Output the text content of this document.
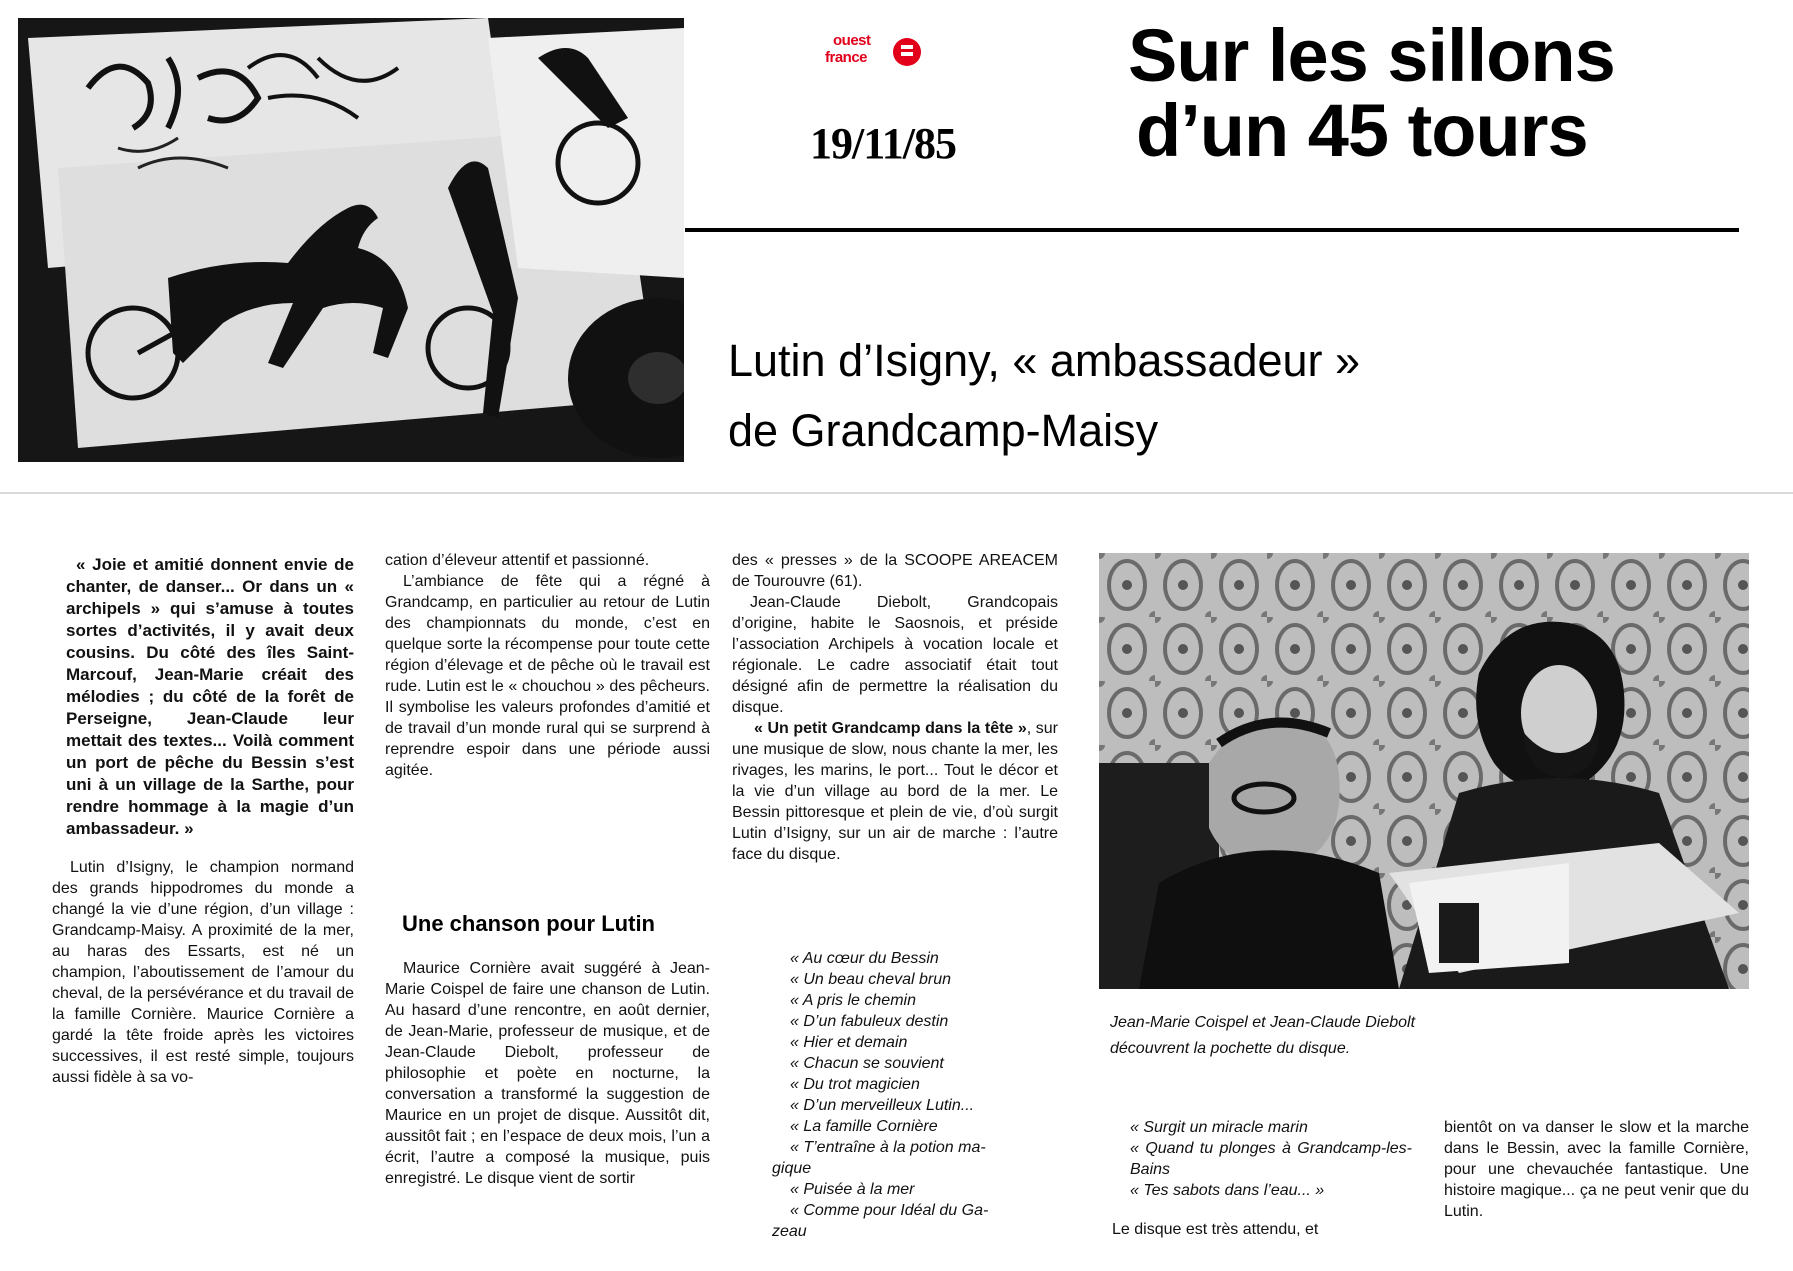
ouest
france
19/11/85
Sur les sillons
d’un 45 tours
Lutin d’Isigny, « ambassadeur »
de Grandcamp-Maisy

« Joie et amitié donnent envie de chanter, de danser... Or dans un « archipels » qui s’amuse à toutes sortes d’activités, il y avait deux cousins. Du côté des îles Saint-Marcouf, Jean-Marie créait des mélodies ; du côté de la forêt de Perseigne, Jean-Claude leur mettait des textes... Voilà comment un port de pêche du Bessin s’est uni à un village de la Sarthe, pour rendre hommage à la magie d’un ambassadeur. »

Lutin d’Isigny, le champion normand des grands hippodromes du monde a changé la vie d’une région, d’un village : Grandcamp-Maisy. A proximité de la mer, au haras des Essarts, est né un champion, l’aboutissement de l’amour du cheval, de la persévérance et du travail de la famille Cornière. Maurice Cornière a gardé la tête froide après les victoires successives, il est resté simple, toujours aussi fidèle à sa vo-

cation d’éleveur attentif et passionné.

L’ambiance de fête qui a régné à Grandcamp, en particulier au retour de Lutin des championnats du monde, c’est en quelque sorte la récompense pour toute cette région d’élevage et de pêche où le travail est rude. Lutin est le « chouchou » des pêcheurs. Il symbolise les valeurs profondes d’amitié et de travail d’un monde rural qui se surprend à reprendre espoir dans une période aussi agitée.

Une chanson pour Lutin

Maurice Cornière avait suggéré à Jean-Marie Coispel de faire une chanson de Lutin. Au hasard d’une rencontre, en août dernier, de Jean-Marie, professeur de musique, et de Jean-Claude Diebolt, professeur de philosophie et poète en nocturne, la conversation a transformé la suggestion de Maurice en un projet de disque. Aussitôt dit, aussitôt fait ; en l’espace de deux mois, l’un a écrit, l’autre a composé la musique, puis enregistré. Le disque vient de sortir

des « presses » de la SCOOPE AREACEM de Tourouvre (61).

Jean-Claude Diebolt, Grandcopais d’origine, habite le Saosnois, et préside l’association Archipels à vocation locale et régionale. Le cadre associatif était tout désigné afin de permettre la réalisation du disque.

« Un petit Grandcamp dans la tête », sur une musique de slow, nous chante la mer, les rivages, les marins, le port... Tout le décor et la vie d’un village au bord de la mer. Le Bessin pittoresque et plein de vie, d’où surgit Lutin d’Isigny, sur un air de marche : l’autre face du disque.

« Au cœur du Bessin
« Un beau cheval brun
« A pris le chemin
« D’un fabuleux destin
« Hier et demain
« Chacun se souvient
« Du trot magicien
« D’un merveilleux Lutin...
« La famille Cornière
« T’entraîne à la potion ma-
gique
« Puisée à la mer
« Comme pour Idéal du Ga-
zeau
Jean-Marie Coispel et Jean-Claude Diebolt
découvrent la pochette du disque.
« Surgit un miracle marin
« Quand tu plonges à Grandcamp-les-Bains
« Tes sabots dans l’eau... »
Le disque est très attendu, et

bientôt on va danser le slow et la marche dans le Bessin, avec la famille Cornière, pour une chevauchée fantastique. Une histoire magique... ça ne peut venir que du Lutin.
